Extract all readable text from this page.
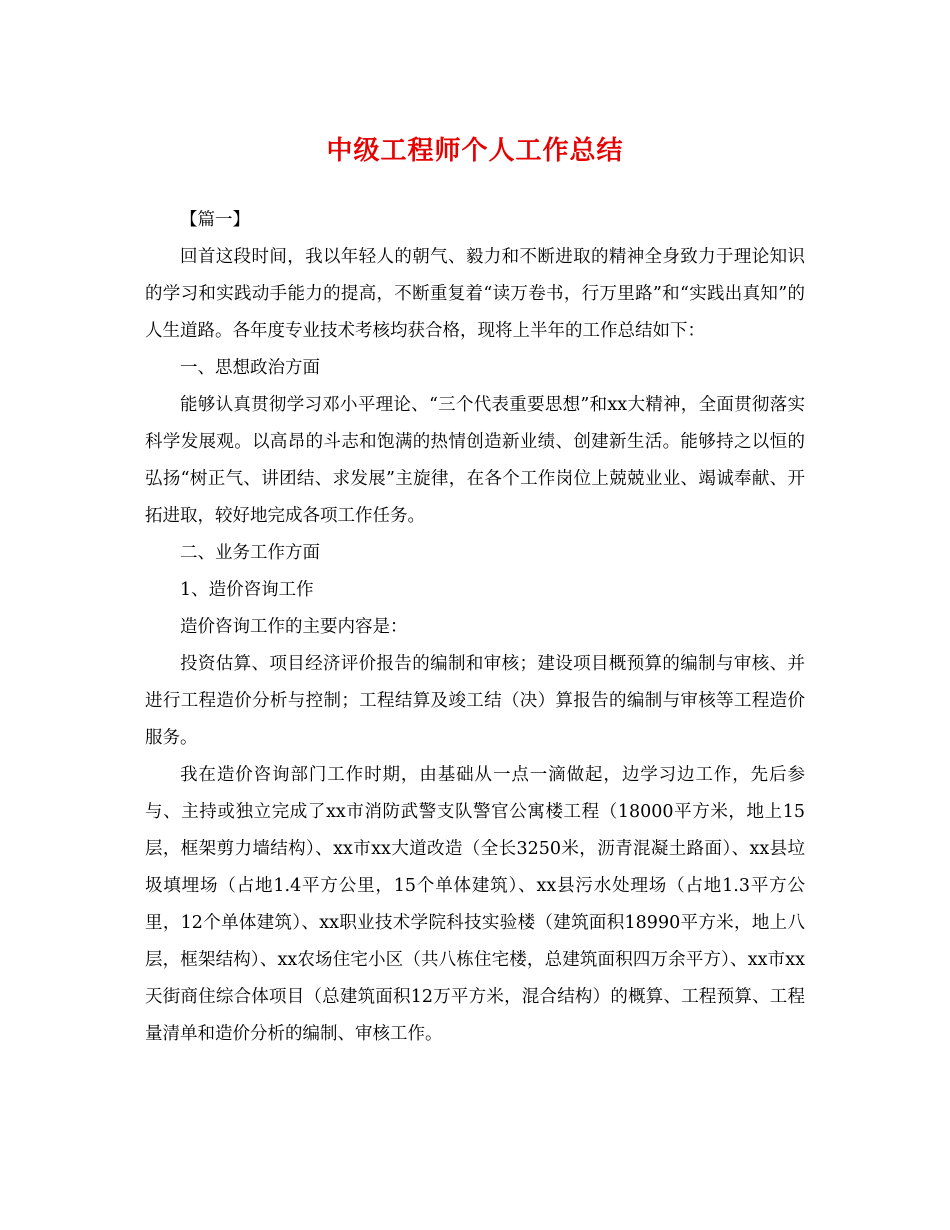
中级工程师个人工作总结

【篇一】

回首这段时间，我以年轻人的朝气、毅力和不断进取的精神全身致力于理论知识的学习和实践动手能力的提高，不断重复着“读万卷书，行万里路”和“实践出真知”的人生道路。各年度专业技术考核均获合格，现将上半年的工作总结如下：

一、思想政治方面

能够认真贯彻学习邓小平理论、“三个代表重要思想”和xx大精神，全面贯彻落实科学发展观。以高昂的斗志和饱满的热情创造新业绩、创建新生活。能够持之以恒的弘扬“树正气、讲团结、求发展”主旋律，在各个工作岗位上兢兢业业、竭诚奉献、开拓进取，较好地完成各项工作任务。

二、业务工作方面

1、造价咨询工作

造价咨询工作的主要内容是：

投资估算、项目经济评价报告的编制和审核；建设项目概预算的编制与审核、并进行工程造价分析与控制；工程结算及竣工结（决）算报告的编制与审核等工程造价服务。

我在造价咨询部门工作时期，由基础从一点一滴做起，边学习边工作，先后参与、主持或独立完成了xx市消防武警支队警官公寓楼工程（18000平方米，地上15层，框架剪力墙结构）、xx市xx大道改造（全长3250米，沥青混凝土路面）、xx县垃圾填埋场（占地1.4平方公里，15个单体建筑）、xx县污水处理场（占地1.3平方公里，12个单体建筑）、xx职业技术学院科技实验楼（建筑面积18990平方米，地上八层，框架结构）、xx农场住宅小区（共八栋住宅楼，总建筑面积四万余平方）、xx市xx天街商住综合体项目（总建筑面积12万平方米，混合结构）的概算、工程预算、工程量清单和造价分析的编制、审核工作。
